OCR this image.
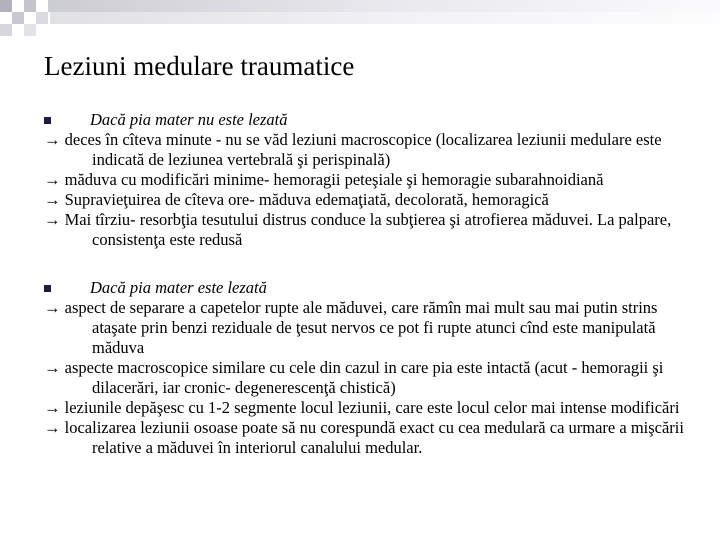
Leziuni medulare traumatice
Dacă pia mater nu este lezată
→ deces în cîteva minute - nu se văd leziuni macroscopice (localizarea leziunii medulare este indicată de leziunea vertebrală şi perispinală)
→ măduva cu modificări minime- hemoragii peteşiale şi hemoragie subarahnoidiană
→ Supravieţuirea de cîteva ore- măduva edemaţiată, decolorată, hemoragică
→ Mai tîrziu- resorbţia tesutului distrus conduce la subţierea şi atrofierea măduvei. La palpare, consistenţa este redusă
Dacă pia mater este lezată
→ aspect de separare a capetelor rupte ale măduvei, care rămîn mai mult sau mai putin strins ataşate prin benzi reziduale de ţesut nervos ce pot fi rupte atunci cînd este manipulată măduva
→ aspecte macroscopice similare cu cele din cazul in care pia este intactă (acut - hemoragii şi dilacerări, iar cronic- degenerescenţă chistică)
→ leziunile depăşesc cu 1-2 segmente locul leziunii, care este locul celor mai intense modificări
→ localizarea leziunii osoase poate să nu corespundă exact cu cea medulară ca urmare a mişcării relative a măduvei în interiorul canalului medular.
